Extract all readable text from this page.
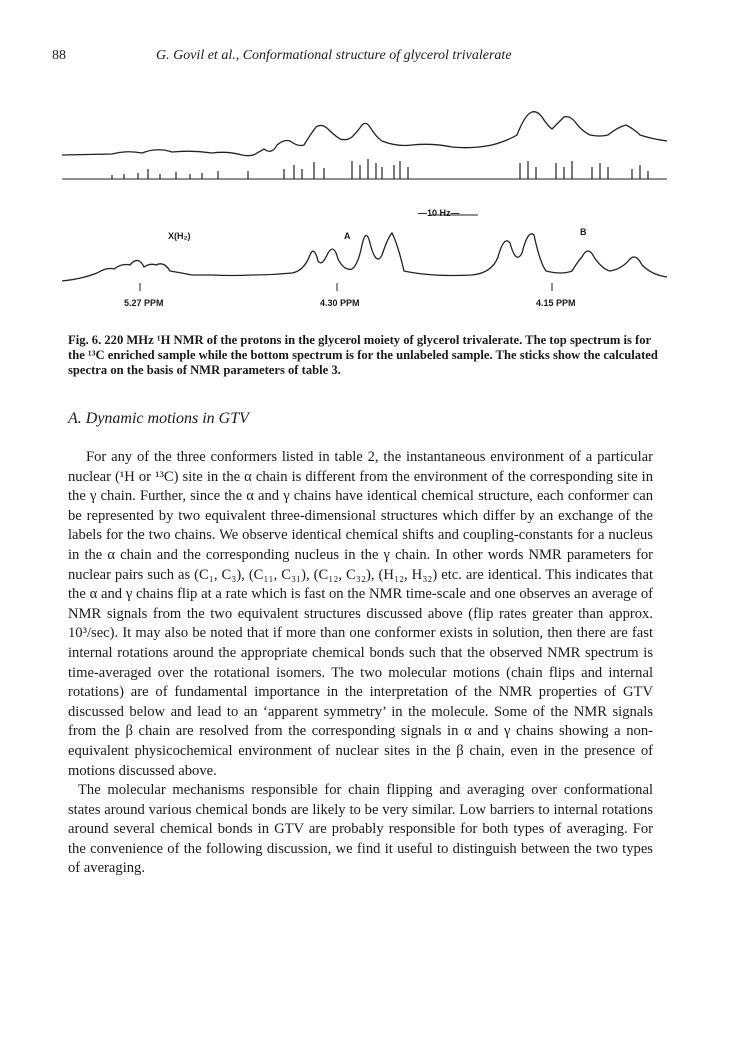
88	G. Govil et al., Conformational structure of glycerol trivalerate
—10 Hz—
X(H₂)	A	B
5.27 PPM	4.30 PPM	4.15 PPM

Fig. 6. 220 MHz ¹H NMR of the protons in the glycerol moiety of glycerol trivalerate. The top spectrum is for the ¹³C enriched sample while the bottom spectrum is for the unlabeled sample. The sticks show the calculated spectra on the basis of NMR parameters of table 3.

A. Dynamic motions in GTV

For any of the three conformers listed in table 2, the instantaneous environment of a particular nuclear (¹H or ¹³C) site in the α chain is different from the environment of the corresponding site in the γ chain. Further, since the α and γ chains have identical chemical structure, each conformer can be represented by two equivalent three-dimensional structures which differ by an exchange of the labels for the two chains. We observe identical chemical shifts and coupling-constants for a nucleus in the α chain and the corresponding nucleus in the γ chain. In other words NMR parameters for nuclear pairs such as (C₁, C₃), (C₁₁, C₃₁), (C₁₂, C₃₂), (H₁₂, H₃₂) etc. are identical. This indicates that the α and γ chains flip at a rate which is fast on the NMR time-scale and one observes an average of NMR signals from the two equivalent structures discussed above (flip rates greater than approx. 10³/sec). It may also be noted that if more than one conformer exists in solution, then there are fast internal rotations around the appropriate chemical bonds such that the observed NMR spectrum is time-averaged over the rotational isomers. The two molecular motions (chain flips and internal rotations) are of fundamental importance in the interpretation of the NMR properties of GTV discussed below and lead to an ‘apparent symmetry’ in the molecule. Some of the NMR signals from the β chain are resolved from the corresponding signals in α and γ chains showing a non-equivalent physicochemical environment of nuclear sites in the β chain, even in the presence of motions discussed above.

The molecular mechanisms responsible for chain flipping and averaging over conformational states around various chemical bonds are likely to be very similar. Low barriers to internal rotations around several chemical bonds in GTV are probably responsible for both types of averaging. For the convenience of the following discussion, we find it useful to distinguish between the two types of averaging.
